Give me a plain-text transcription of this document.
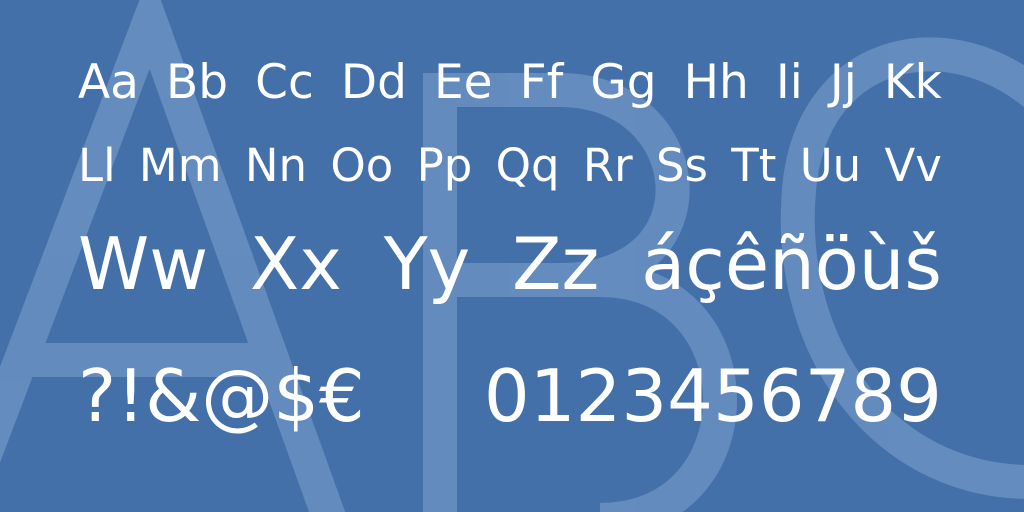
Aa Bb Cc Dd Ee Ff Gg Hh Ii Jj Kk
Ll Mm Nn Oo Pp Qq Rr Ss Tt Uu Vv
Ww Xx Yy Zz áçêñöùš
?!&@$€ 0123456789
